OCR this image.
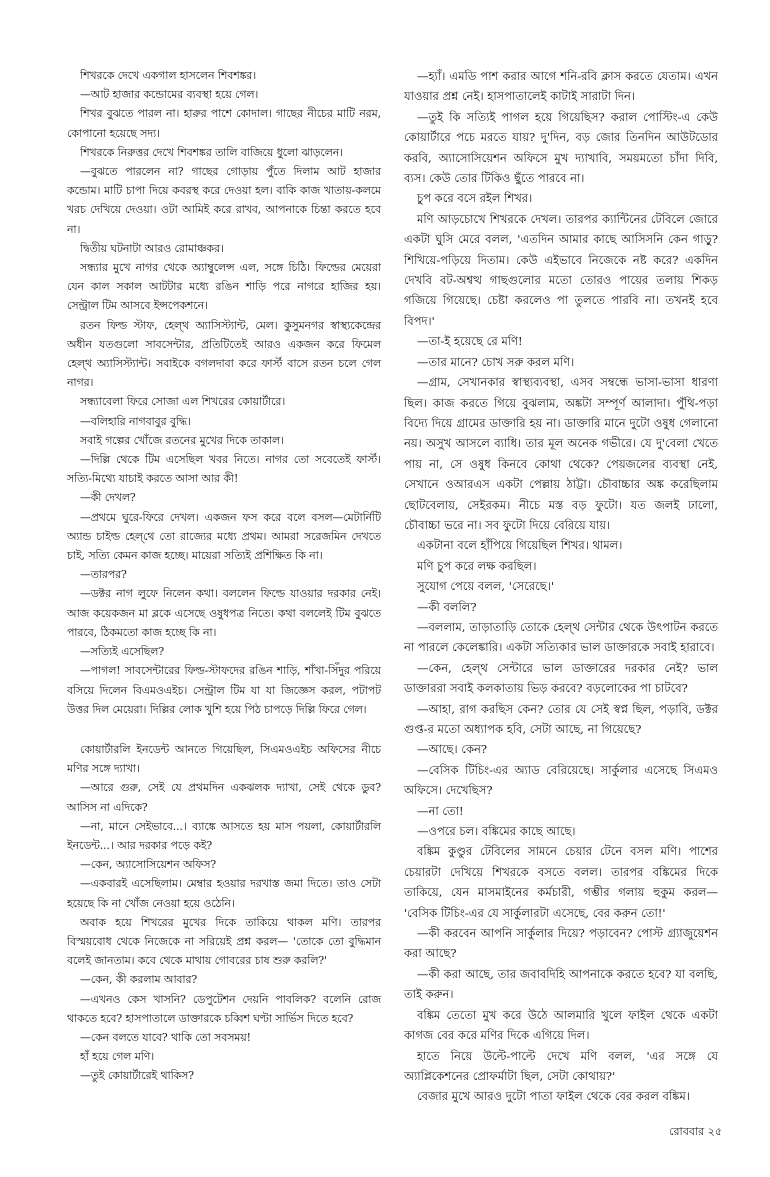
শিখরকে দেখে একগাল হাসলেন শিবশঙ্কর।

—আট হাজার কন্ডোমের ব্যবস্থা হয়ে গেল।

শিখর বুঝতে পারল না। হারুর পাশে কোদাল। গাছের নীচের মাটি নরম, কোপানো হয়েছে সদ্য।

শিখরকে নিরুত্তর দেখে শিবশঙ্কর তালি বাজিয়ে ধুলো ঝাড়লেন।

—বুঝতে পারলেন না? গাছের গোড়ায় পুঁতে দিলাম আট হাজার কন্ডোম। মাটি চাপা দিয়ে কবরস্থ করে দেওয়া হল। বাকি কাজ খাতায়-কলমে খরচ দেখিয়ে দেওয়া। ওটা আমিই করে রাখব, আপনাকে চিন্তা করতে হবে না।

দ্বিতীয় ঘটনাটা আরও রোমাঞ্চকর।

সন্ধ্যার মুখে নাগর থেকে অ্যাম্বুলেন্স এল, সঙ্গে চিঠি। ফিল্ডের মেয়েরা যেন কাল সকাল আটটার মধ্যে রঙিন শাড়ি পরে নাগরে হাজির হয়। সেন্ট্রাল টিম আসবে ইন্সপেকশনে।

রতন ফিল্ড স্টাফ, হেল্‌থ অ্যাসিস্ট্যান্ট, মেল। কুসুমনগর স্বাস্থ্যকেন্দ্রের অধীন যতগুলো সাবসেন্টার, প্রতিটিতেই আরও একজন করে ফিমেল হেল্‌থ অ্যাসিস্ট্যান্ট। সবাইকে বগলদাবা করে ফার্স্ট বাসে রতন চলে গেল নাগর।

সন্ধ্যাবেলা ফিরে সোজা এল শিখরের কোয়ার্টারে।

—বলিহারি নাগবাবুর বুদ্ধি।

সবাই গল্পের খোঁজে রতনের মুখের দিকে তাকাল।

—দিল্লি থেকে টিম এসেছিল খবর নিতে। নাগর তো সবেতেই ফার্স্ট। সত্যি-মিথ্যে যাচাই করতে আসা আর কী!

—কী দেখল?

—প্রথমে ঘুরে-ফিরে দেখল। একজন ফস করে বলে বসল—মেটার্নিটি অ্যান্ড চাইল্ড হেল্‌থে তো রাজ্যের মধ্যে প্রথম। আমরা সরেজমিন দেখতে চাই, সত্যি কেমন কাজ হচ্ছে। মায়েরা সত্যিই প্রশিক্ষিত কি না।

—তারপর?

—ডক্টর নাগ লুফে নিলেন কথা। বললেন ফিল্ডে যাওয়ার দরকার নেই। আজ কয়েকজন মা ব্লকে এসেছে ওষুধপত্র নিতে। কথা বললেই টিম বুঝতে পারবে, ঠিকমতো কাজ হচ্ছে কি না।

—সত্যিই এসেছিল?

—পাগল! সাবসেন্টারের ফিল্ড-স্টাফদের রঙিন শাড়ি, শাঁখা-সিঁদুর পরিয়ে বসিয়ে দিলেন বিএমওএইচ। সেন্ট্রাল টিম যা যা জিজ্ঞেস করল, পটাপট উত্তর দিল মেয়েরা। দিল্লির লোক খুশি হয়ে পিঠ চাপড়ে দিল্লি ফিরে গেল।

কোয়ার্টারলি ইনডেন্ট আনতে গিয়েছিল, সিএমওএইচ অফিসের নীচে মণির সঙ্গে দ্যাখা।

—আরে গুরু, সেই যে প্রথমদিন একঝলক দ্যাখা, সেই থেকে ডুব? আসিস না এদিকে?

—না, মানে সেইভাবে...। ব্যাঙ্কে আসতে হয় মাস পয়লা, কোয়ার্টারলি ইনডেন্ট...। আর দরকার পড়ে কই?

—কেন, অ্যাসোসিয়েশন অফিস?

—একবারই এসেছিলাম। মেম্বার হওয়ার দরখাস্ত জমা দিতে। তাও সেটা হয়েছে কি না খোঁজ নেওয়া হয়ে ওঠেনি।

অবাক হয়ে শিখরের মুখের দিকে তাকিয়ে থাকল মণি। তারপর বিস্ময়বোধ থেকে নিজেকে না সরিয়েই প্রশ্ন করল— 'তোকে তো বুদ্ধিমান বলেই জানতাম। কবে থেকে মাথায় গোবরের চাষ শুরু করলি?'

—কেন, কী করলাম আবার?

—এখনও কেস খাসনি? ডেপুটেশন দেয়নি পাবলিক? বলেনি রোজ থাকতে হবে? হাসপাতালে ডাক্তারকে চব্বিশ ঘণ্টা সার্ভিস দিতে হবে?

—কেন বলতে যাবে? থাকি তো সবসময়!

হাঁ হয়ে গেল মণি।

—তুই কোয়ার্টারেই থাকিস?

—হ্যাঁ। এমডি পাশ করার আগে শনি-রবি ক্লাস করতে যেতাম। এখন যাওয়ার প্রশ্ন নেই। হাসপাতালেই কাটাই সারাটা দিন।

—তুই কি সত্যিই পাগল হয়ে গিয়েছিস? করাল পোস্টিং-এ কেউ কোয়ার্টারে পচে মরতে যায়? দু'দিন, বড় জোর তিনদিন আউটডোর করবি, অ্যাসোসিয়েশন অফিসে মুখ দ্যাখাবি, সময়মতো চাঁদা দিবি, ব্যস। কেউ তোর টিকিও ছুঁতে পারবে না।

চুপ করে বসে রইল শিখর।

মণি আড়চোখে শিখরকে দেখল। তারপর ক্যান্টিনের টেবিলে জোরে একটা ঘুসি মেরে বলল, 'এতদিন আমার কাছে আসিসনি কেন গাড়ু? শিখিয়ে-পড়িয়ে দিতাম। কেউ এইভাবে নিজেকে নষ্ট করে? একদিন দেখবি বট-অশ্বত্থ গাছগুলোর মতো তোরও পায়ের তলায় শিকড় গজিয়ে গিয়েছে। চেষ্টা করলেও পা তুলতে পারবি না। তখনই হবে বিপদ।'

—তা-ই হয়েছে রে মণি!

—তার মানে? চোখ সরু করল মণি।

—গ্রাম, সেখানকার স্বাস্থ্যব্যবস্থা, এসব সম্বন্ধে ভাসা-ভাসা ধারণা ছিল। কাজ করতে গিয়ে বুঝলাম, অঙ্কটা সম্পূর্ণ আলাদা। পুঁথি-পড়া বিদ্যে দিয়ে গ্রামের ডাক্তারি হয় না। ডাক্তারি মানে দুটো ওষুধ গেলানো নয়। অসুখ আসলে ব্যাধি। তার মূল অনেক গভীরে। যে দু'বেলা খেতে পায় না, সে ওষুধ কিনবে কোথা থেকে? পেয়জলের ব্যবস্থা নেই, সেখানে ওআরএস একটা পেল্লায় ঠাট্টা। চৌবাচ্চার অঙ্ক করেছিলাম ছোটবেলায়, সেইরকম। নীচে মস্ত বড় ফুটো। যত জলই ঢালো, চৌবাচ্চা ভরে না। সব ফুটো দিয়ে বেরিয়ে যায়।

একটানা বলে হাঁপিয়ে গিয়েছিল শিখর। থামল।

মণি চুপ করে লক্ষ করছিল।

সুযোগ পেয়ে বলল, 'সেরেছে।'

—কী বললি?

—বললাম, তাড়াতাড়ি তোকে হেল্‌থ সেন্টার থেকে উৎপাটন করতে না পারলে কেলেঙ্কারি। একটা সত্যিকার ভাল ডাক্তারকে সবাই হারাবে।

—কেন, হেল্‌থ সেন্টারে ভাল ডাক্তারের দরকার নেই? ভাল ডাক্তাররা সবাই কলকাতায় ভিড় করবে? বড়লোকের পা চাটবে?

—আহা, রাগ করছিস কেন? তোর যে সেই স্বপ্ন ছিল, পড়াবি, ডক্টর গুপ্ত-র মতো অধ্যাপক হবি, সেটা আছে, না গিয়েছে?

—আছে। কেন?

—বেসিক টিচিং-এর অ্যাড বেরিয়েছে। সার্কুলার এসেছে সিএমও অফিসে। দেখেছিস?

—না তো!

—ওপরে চল। বঙ্কিমের কাছে আছে।

বঙ্কিম কুণ্ডুর টেবিলের সামনে চেয়ার টেনে বসল মণি। পাশের চেয়ারটা দেখিয়ে শিখরকে বসতে বলল। তারপর বঙ্কিমের দিকে তাকিয়ে, যেন মাসমাইনের কর্মচারী, গম্ভীর গলায় হুকুম করল— 'বেসিক টিচিং-এর যে সার্কুলারটা এসেছে, বের করুন তো!'

—কী করবেন আপনি সার্কুলার দিয়ে? পড়াবেন? পোস্ট গ্র্যাজুয়েশন করা আছে?

—কী করা আছে, তার জবাবদিহি আপনাকে করতে হবে? যা বলছি, তাই করুন।

বঙ্কিম তেতো মুখ করে উঠে আলমারি খুলে ফাইল থেকে একটা কাগজ বের করে মণির দিকে এগিয়ে দিল।

হাতে নিয়ে উল্টে-পাল্টে দেখে মণি বলল, 'এর সঙ্গে যে অ্যাপ্লিকেশনের প্রোফর্মাটা ছিল, সেটা কোথায়?'

বেজার মুখে আরও দুটো পাতা ফাইল থেকে বের করল বঙ্কিম।

রোববার ২৫
